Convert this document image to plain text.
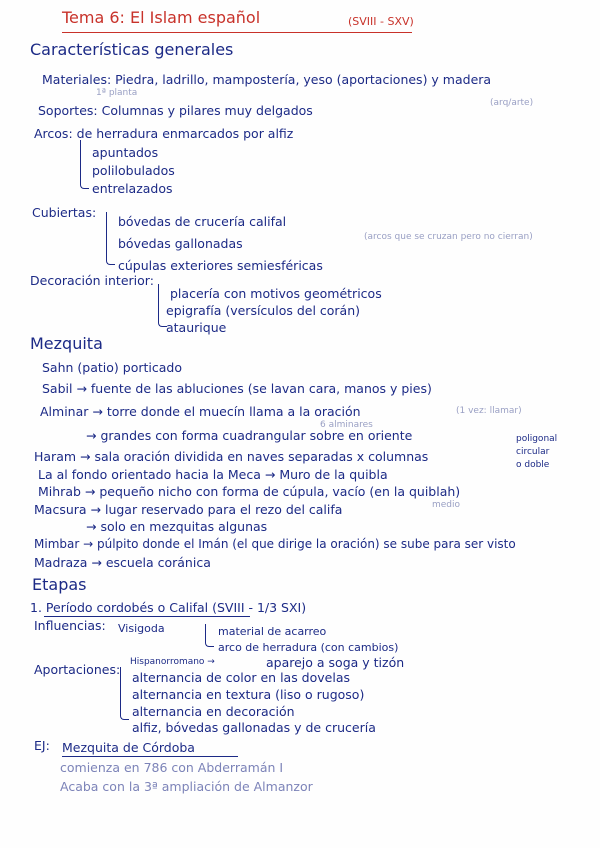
Tema 6: El Islam español	(SVIII - SXV)
Características generales
Materiales: Piedra, ladrillo, mampostería, yeso (aportaciones) y madera
1ª planta
(arq/arte)
Soportes: Columnas y pilares muy delgados
Arcos: de herradura enmarcados por alfiz
apuntados
polilobulados
entrelazados
Cubiertas:
bóvedas de crucería califal
(arcos que se cruzan pero no cierran)
bóvedas gallonadas
cúpulas exteriores semiesféricas
Decoración interior:
placería con motivos geométricos
epigrafía (versículos del corán)
ataurique
Mezquita
Sahn (patio) porticado
Sabil → fuente de las abluciones (se lavan cara, manos y pies)
Alminar → torre donde el muecín llama a la oración	(1 vez: llamar)
6 alminares
→ grandes con forma cuadrangular sobre en oriente	poligonal
circular
o doble
Haram → sala oración dividida en naves separadas x columnas
La al fondo orientado hacia la Meca → Muro de la quibla
Mihrab → pequeño nicho con forma de cúpula, vacío (en la quiblah)
medio
Macsura → lugar reservado para el rezo del califa
→ solo en mezquitas algunas
Mimbar → púlpito donde el Imán (el que dirige la oración) se sube para ser visto
Madraza → escuela coránica
Etapas
1. Período cordobés o Califal (SVIII - 1/3 SXI)
Influencias: Visigoda	material de acarreo
arco de herradura (con cambios)
Hispanorromano →	aparejo a soga y tizón
Aportaciones:
alternancia de color en las dovelas
alternancia en textura (liso o rugoso)
alternancia en decoración
alfiz, bóvedas gallonadas y de crucería
EJ: Mezquita de Córdoba
comienza en 786 con Abderramán I
Acaba con la 3ª ampliación de Almanzor
